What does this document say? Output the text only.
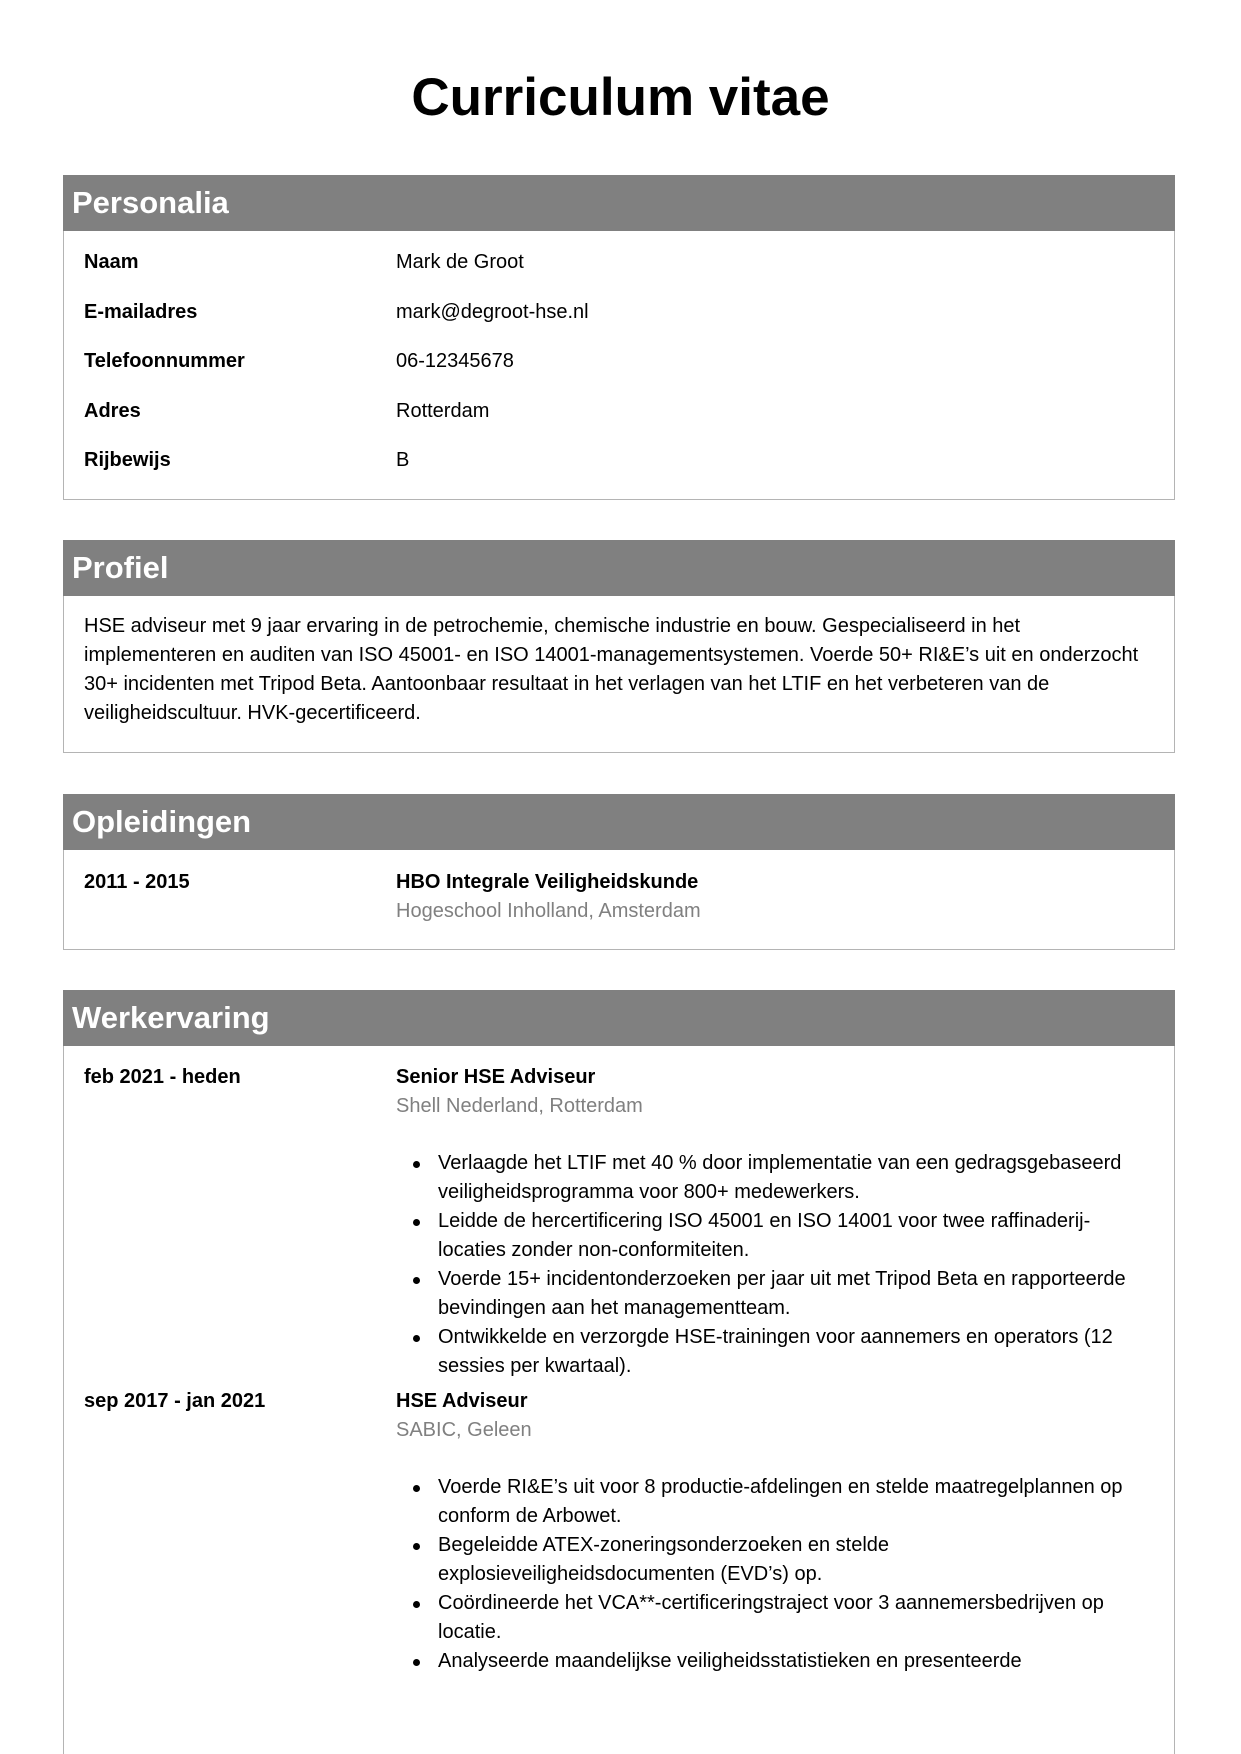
Curriculum vitae
Personalia
Naam	Mark de Groot
E-mailadres	mark@degroot-hse.nl
Telefoonnummer	06-12345678
Adres	Rotterdam
Rijbewijs	B
Profiel

HSE adviseur met 9 jaar ervaring in de petrochemie, chemische industrie en bouw. Gespecialiseerd in het implementeren en auditen van ISO 45001- en ISO 14001-managementsystemen. Voerde 50+ RI&E’s uit en onderzocht 30+ incidenten met Tripod Beta. Aantoonbaar resultaat in het verlagen van het LTIF en het verbeteren van de veiligheidscultuur. HVK-gecertificeerd.

Opleidingen
2011 - 2015	HBO Integrale Veiligheidskunde
Hogeschool Inholland, Amsterdam
Werkervaring
feb 2021 - heden	Senior HSE Adviseur
Shell Nederland, Rotterdam
Verlaagde het LTIF met 40 % door implementatie van een gedragsgebaseerd veiligheidsprogramma voor 800+ medewerkers.
Leidde de hercertificering ISO 45001 en ISO 14001 voor twee raffinaderij-locaties zonder non-conformiteiten.
Voerde 15+ incidentonderzoeken per jaar uit met Tripod Beta en rapporteerde bevindingen aan het managementteam.
Ontwikkelde en verzorgde HSE-trainingen voor aannemers en operators (12 sessies per kwartaal).
sep 2017 - jan 2021	HSE Adviseur
SABIC, Geleen
Voerde RI&E’s uit voor 8 productie-afdelingen en stelde maatregelplannen op conform de Arbowet.
Begeleidde ATEX-zoneringsonderzoeken en stelde explosieveiligheidsdocumenten (EVD’s) op.
Coördineerde het VCA**-certificeringstraject voor 3 aannemersbedrijven op locatie.
Analyseerde maandelijkse veiligheidsstatistieken en presenteerde
